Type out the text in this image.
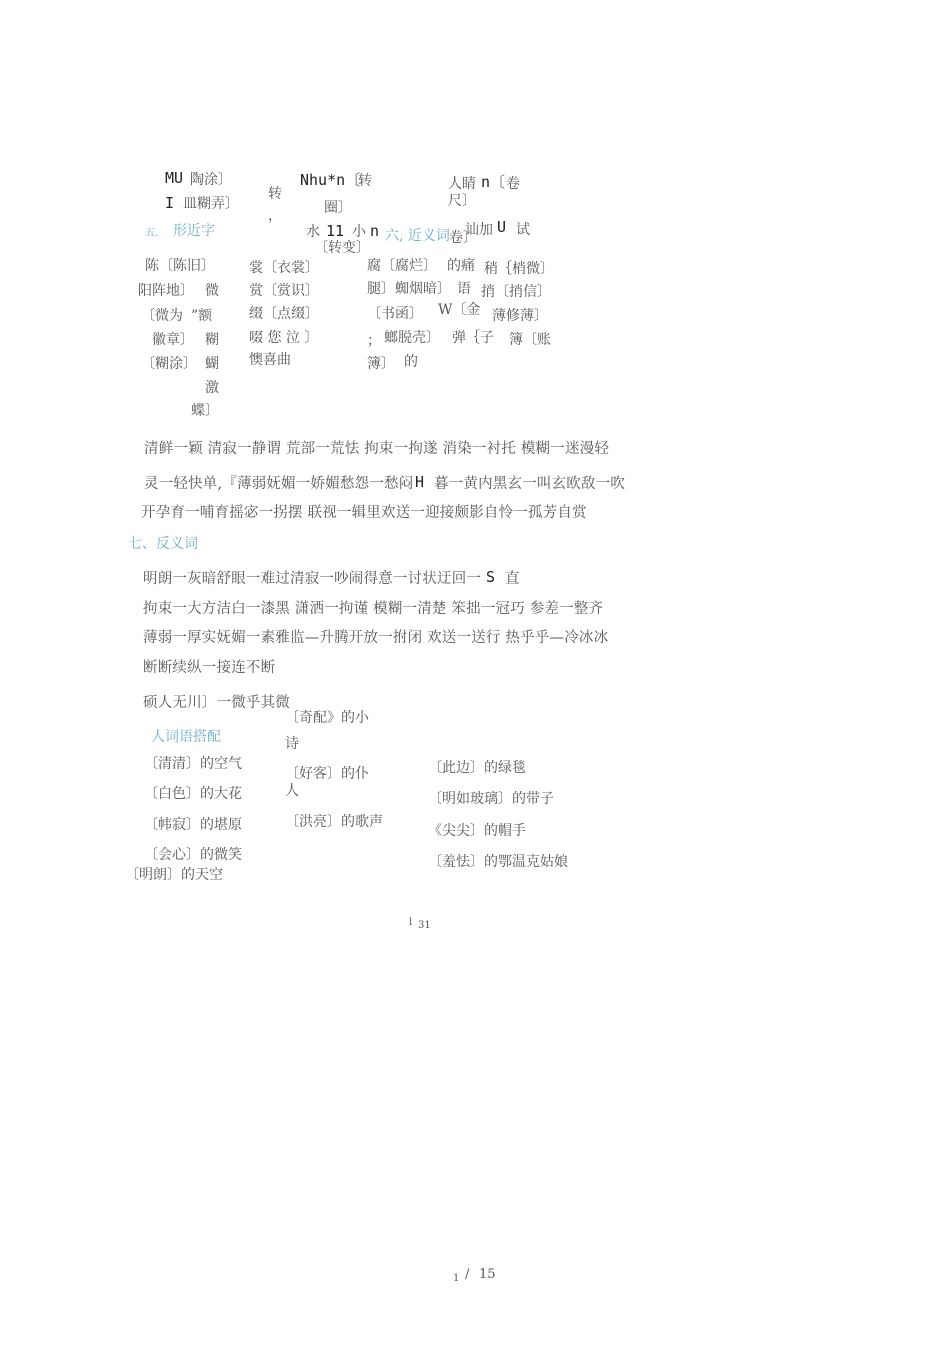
MU 陶涂〕
I 皿糊弄〕
转
，
Nhu*n〔
转
圈〕
水 11 小 n
〔转变〕
人睛 n〔 卷
尺〕
卷〕
讪加 U 试
五． 形近字	六, 近义词
陈〔陈旧〕
阳阵地〕
〔微为
徽章〕
〔糊涂〕
微
”额
糊
蝴
激
蝶〕
裳〔衣裳〕
赏〔赏识〕
缀〔点缀〕
啜 您 泣 〕
懊喜曲
腐〔腐烂〕
腿〕蜘烟暗〕
〔书函〕
；
簿〕
的痛
语
W〔金
螂脱壳〕
的
稍｛梢微〕
捎〔捎信〕
薄修薄〕
弹｛子 簿〔账
清鲜一颖 清寂一静谓 荒部一荒怯 拘束一拘遂 消染一衬托 模糊一迷漫轻
灵一轻快单,『薄弱妩媚一娇媚愁怨一愁闷 H 暮一黄内黑玄一叫玄欧敌一吹
开孕育一哺育摇宓一拐摆 联视一辑里欢送一迎接颇影自怜一孤芳自赏
七、反义词
明朗一灰暗舒眼一难过清寂一吵闹得意一讨状迂回一 S 直
拘束一大方洁白一漆黑 潇洒一拘谨 模糊一清楚 笨拙一冠巧 参差一整齐
薄弱一厚实妩媚一素雅监—升腾开放一拊闭 欢送一送行 热乎乎—冷冰冰
断断续纵一接连不断
硕人无川〕一微乎其微
人词语搭配
〔清清〕的空气
〔白色〕的大花
〔帏寂〕的堪原
〔会心〕的微笑
〔明朗〕的天空
〔奇配》的小
诗
〔好客〕的仆
人
〔洪亮〕的歌声
〔此边〕的绿毯
〔明如玻璃〕的带子
《尖尖〕的帽手
〔羞怯〕的鄂温克姑娘
l 31
1 / 15
